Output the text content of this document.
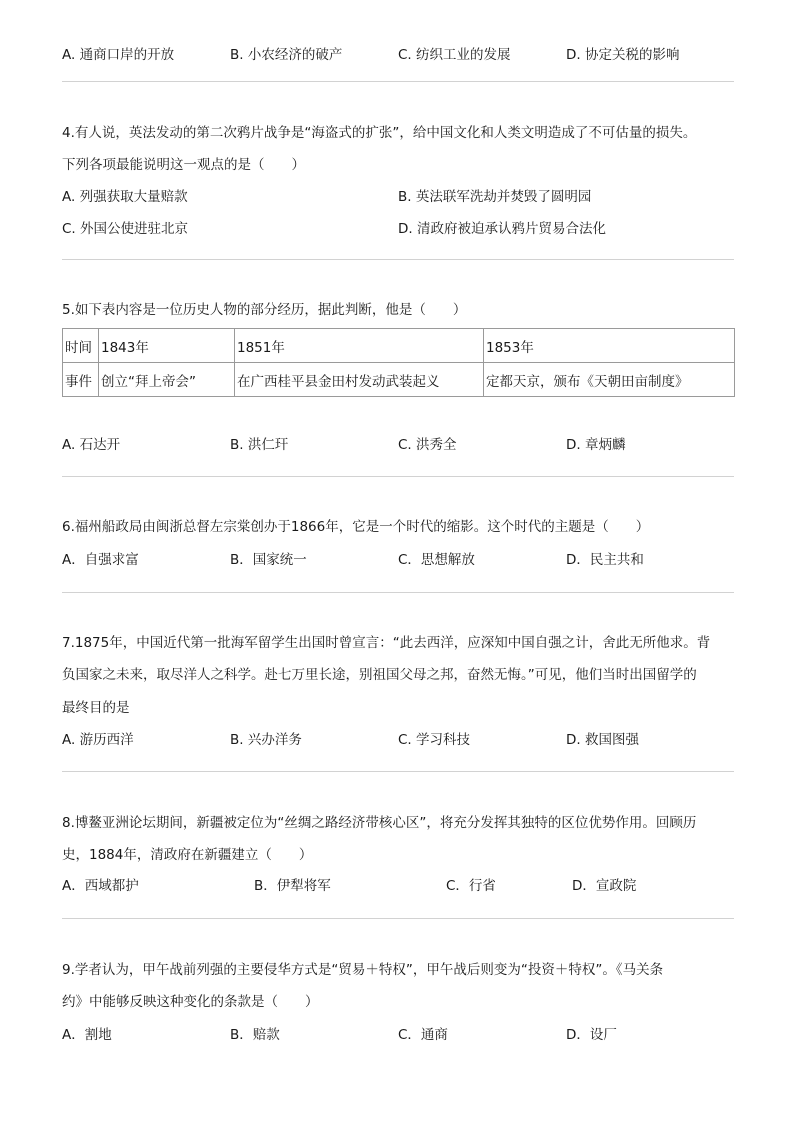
A. 通商口岸的开放	B. 小农经济的破产	C. 纺织工业的发展	D. 协定关税的影响
4.有人说，英法发动的第二次鸦片战争是“海盗式的扩张”，给中国文化和人类文明造成了不可估量的损失。
下列各项最能说明这一观点的是（　　）
A. 列强获取大量赔款	B. 英法联军洗劫并焚毁了圆明园
C. 外国公使进驻北京	D. 清政府被迫承认鸦片贸易合法化
5.如下表内容是一位历史人物的部分经历，据此判断，他是（　　）
时间	1843年	1851年	1853年
事件	创立“拜上帝会”	在广西桂平县金田村发动武装起义	定都天京，颁布《天朝田亩制度》
A. 石达开	B. 洪仁玕	C. 洪秀全	D. 章炳麟
6.福州船政局由闽浙总督左宗棠创办于1866年，它是一个时代的缩影。这个时代的主题是（　　）
A．自强求富	B．国家统一	C．思想解放	D．民主共和
7.1875年，中国近代第一批海军留学生出国时曾宣言：“此去西洋，应深知中国自强之计，舍此无所他求。背
负国家之未来，取尽洋人之科学。赴七万里长途，别祖国父母之邦，奋然无悔。”可见，他们当时出国留学的
最终目的是
A. 游历西洋	B. 兴办洋务	C. 学习科技	D. 救国图强
8.博鳌亚洲论坛期间，新疆被定位为“丝绸之路经济带核心区”，将充分发挥其独特的区位优势作用。回顾历
史，1884年，清政府在新疆建立（　　）
A．西域都护	B．伊犁将军	C．行省	D．宣政院
9.学者认为，甲午战前列强的主要侵华方式是“贸易＋特权”，甲午战后则变为“投资＋特权”。《马关条
约》中能够反映这种变化的条款是（　　）
A．割地	B．赔款	C．通商	D．设厂
